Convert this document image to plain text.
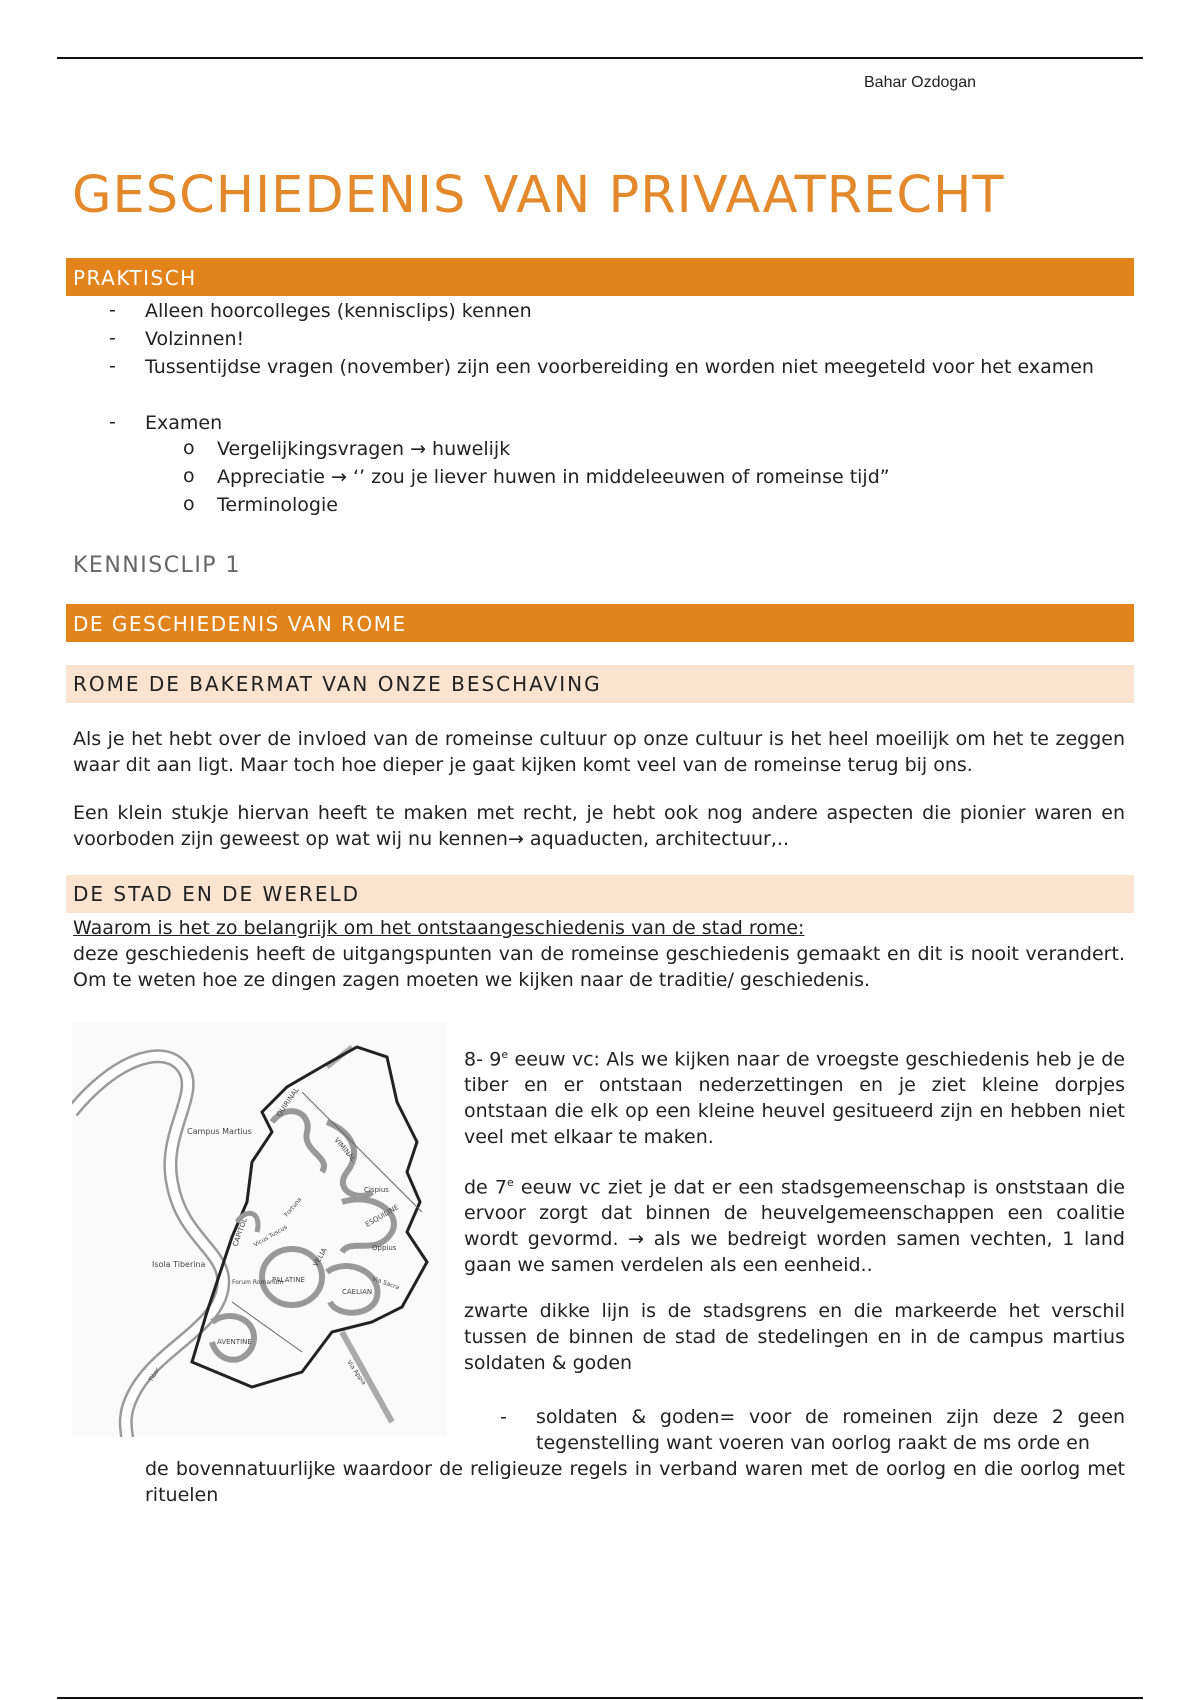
Bahar Ozdogan
GESCHIEDENIS VAN PRIVAATRECHT
PRAKTISCH
- Alleen hoorcolleges (kennisclips) kennen
- Volzinnen!
- Tussentijdse vragen (november) zijn een voorbereiding en worden niet meegeteld voor het examen
- Examen
o Vergelijkingsvragen → huwelijk
o Appreciatie → ‘’ zou je liever huwen in middeleeuwen of romeinse tijd”
o Terminologie
KENNISCLIP 1
DE GESCHIEDENIS VAN ROME
ROME DE BAKERMAT VAN ONZE BESCHAVING

Als je het hebt over de invloed van de romeinse cultuur op onze cultuur is het heel moeilijk om het te zeggen waar dit aan ligt. Maar toch hoe dieper je gaat kijken komt veel van de romeinse terug bij ons.

Een klein stukje hiervan heeft te maken met recht, je hebt ook nog andere aspecten die pionier waren en voorboden zijn geweest op wat wij nu kennen→ aquaducten, architectuur,..

DE STAD EN DE WERELD

Waarom is het zo belangrijk om het ontstaangeschiedenis van de stad rome:

deze geschiedenis heeft de uitgangspunten van de romeinse geschiedenis gemaakt en dit is nooit verandert. Om te weten hoe ze dingen zagen moeten we kijken naar de traditie/ geschiedenis.

Campus Martius
Isola Tiberina
QUIRINAL
VIMINAL
Cispius
ESQUILINE
Oppius
CAPITOL
VELIA
PALATINE
CAELIAN
AVENTINE
Forum Romanum	Via Sacra
Via Appia
Tiber
Vicus Tuscus
Fortuna

8- 9e eeuw vc: Als we kijken naar de vroegste geschiedenis heb je de tiber en er ontstaan nederzettingen en je ziet kleine dorpjes ontstaan die elk op een kleine heuvel gesitueerd zijn en hebben niet veel met elkaar te maken.

de 7e eeuw vc ziet je dat er een stadsgemeenschap is onststaan die ervoor zorgt dat binnen de heuvelgemeenschappen een coalitie wordt gevormd. → als we bedreigt worden samen vechten, 1 land gaan we samen verdelen als een eenheid..

zwarte dikke lijn is de stadsgrens en die markeerde het verschil tussen de binnen de stad de stedelingen en in de campus martius soldaten & goden

- soldaten & goden= voor de romeinen zijn deze 2 geen tegenstelling want voeren van oorlog raakt de ms orde en

de bovennatuurlijke waardoor de religieuze regels in verband waren met de oorlog en die oorlog met rituelen
